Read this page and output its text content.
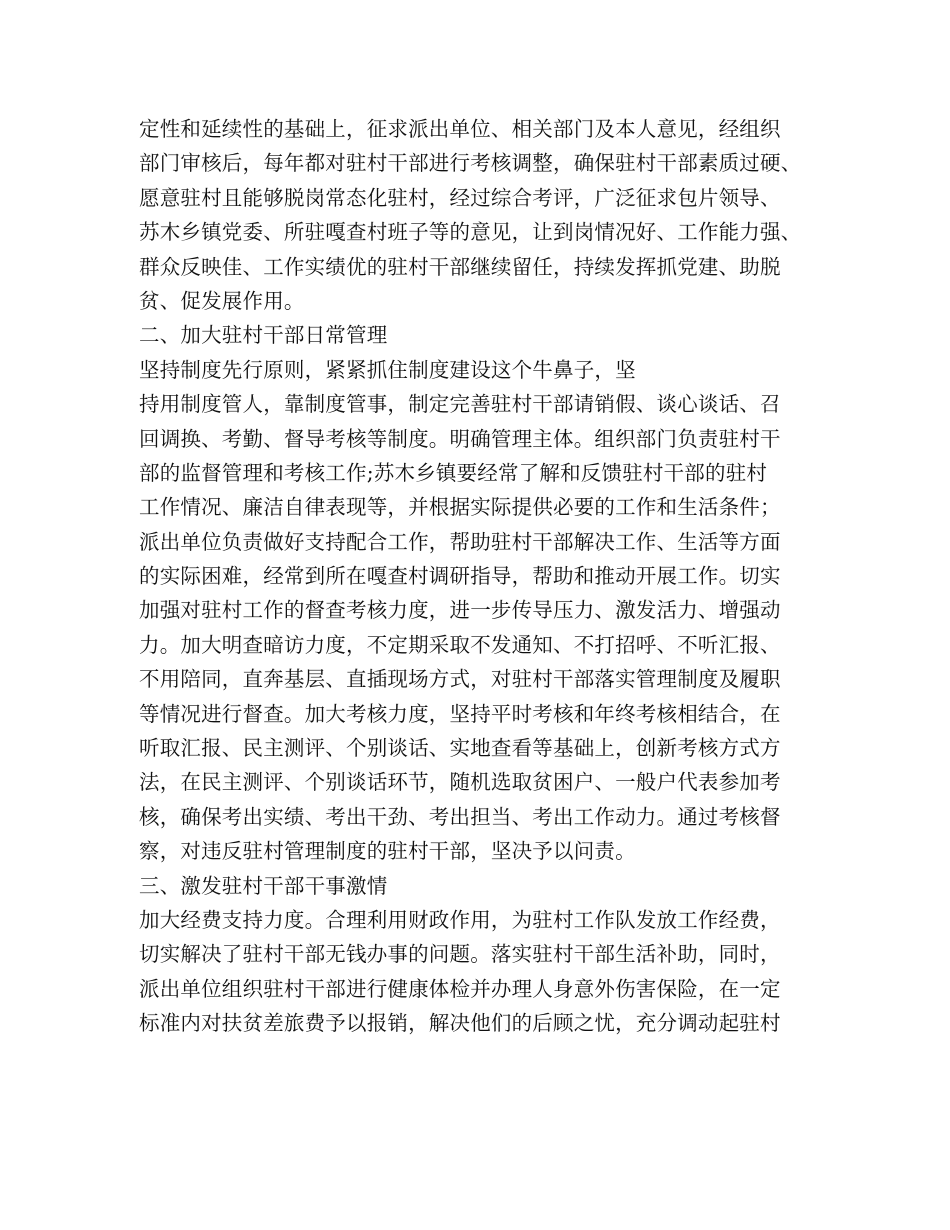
定性和延续性的基础上，征求派出单位、相关部门及本人意见，经组织
部门审核后，每年都对驻村干部进行考核调整，确保驻村干部素质过硬、
愿意驻村且能够脱岗常态化驻村，经过综合考评，广泛征求包片领导、
苏木乡镇党委、所驻嘎查村班子等的意见，让到岗情况好、工作能力强、
群众反映佳、工作实绩优的驻村干部继续留任，持续发挥抓党建、助脱
贫、促发展作用。
二、加大驻村干部日常管理
坚持制度先行原则，紧紧抓住制度建设这个牛鼻子，坚
持用制度管人，靠制度管事，制定完善驻村干部请销假、谈心谈话、召
回调换、考勤、督导考核等制度。明确管理主体。组织部门负责驻村干
部的监督管理和考核工作;苏木乡镇要经常了解和反馈驻村干部的驻村
工作情况、廉洁自律表现等，并根据实际提供必要的工作和生活条件；
派出单位负责做好支持配合工作，帮助驻村干部解决工作、生活等方面
的实际困难，经常到所在嘎查村调研指导，帮助和推动开展工作。切实
加强对驻村工作的督查考核力度，进一步传导压力、激发活力、增强动
力。加大明查暗访力度，不定期采取不发通知、不打招呼、不听汇报、
不用陪同，直奔基层、直插现场方式，对驻村干部落实管理制度及履职
等情况进行督查。加大考核力度，坚持平时考核和年终考核相结合，在
听取汇报、民主测评、个别谈话、实地查看等基础上，创新考核方式方
法，在民主测评、个别谈话环节，随机选取贫困户、一般户代表参加考
核，确保考出实绩、考出干劲、考出担当、考出工作动力。通过考核督
察，对违反驻村管理制度的驻村干部，坚决予以问责。
三、激发驻村干部干事激情
加大经费支持力度。合理利用财政作用，为驻村工作队发放工作经费，
切实解决了驻村干部无钱办事的问题。落实驻村干部生活补助，同时，
派出单位组织驻村干部进行健康体检并办理人身意外伤害保险，在一定
标准内对扶贫差旅费予以报销，解决他们的后顾之忧，充分调动起驻村
